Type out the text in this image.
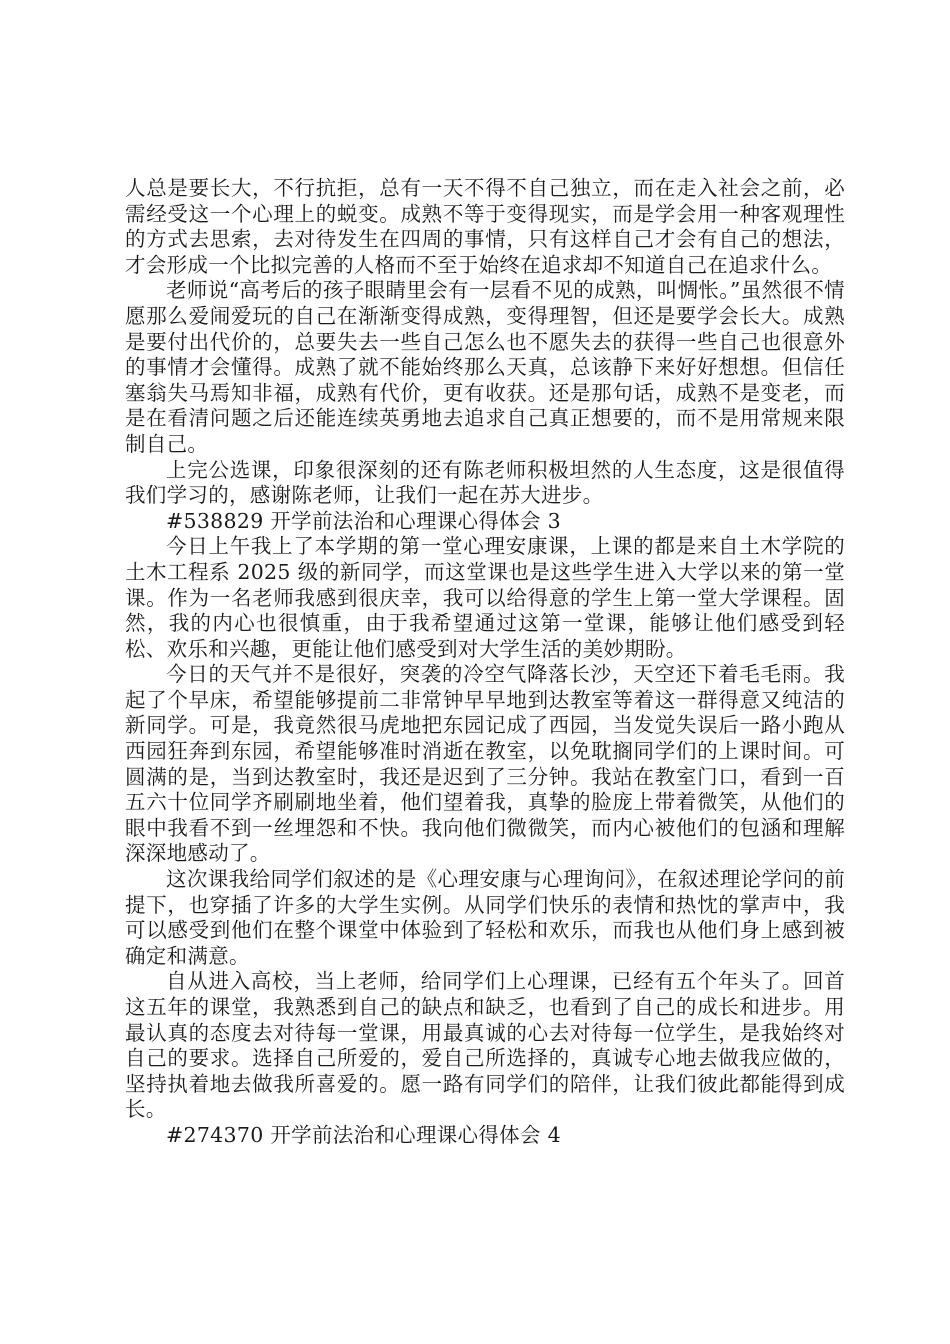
人总是要长大，不行抗拒，总有一天不得不自己独立，而在走入社会之前，必需经受这一个心理上的蜕变。成熟不等于变得现实，而是学会用一种客观理性的方式去思索，去对待发生在四周的事情，只有这样自己才会有自己的想法，才会形成一个比拟完善的人格而不至于始终在追求却不知道自己在追求什么。

老师说“高考后的孩子眼睛里会有一层看不见的成熟，叫惆怅。”虽然很不情愿那么爱闹爱玩的自己在渐渐变得成熟，变得理智，但还是要学会长大。成熟是要付出代价的，总要失去一些自己怎么也不愿失去的获得一些自己也很意外的事情才会懂得。成熟了就不能始终那么天真，总该静下来好好想想。但信任塞翁失马焉知非福，成熟有代价，更有收获。还是那句话，成熟不是变老，而是在看清问题之后还能连续英勇地去追求自己真正想要的，而不是用常规来限制自己。

上完公选课，印象很深刻的还有陈老师积极坦然的人生态度，这是很值得我们学习的，感谢陈老师，让我们一起在苏大进步。

#538829 开学前法治和心理课心得体会 3

今日上午我上了本学期的第一堂心理安康课，上课的都是来自土木学院的土木工程系 2025 级的新同学，而这堂课也是这些学生进入大学以来的第一堂课。作为一名老师我感到很庆幸，我可以给得意的学生上第一堂大学课程。固然，我的内心也很慎重，由于我希望通过这第一堂课，能够让他们感受到轻松、欢乐和兴趣，更能让他们感受到对大学生活的美妙期盼。

今日的天气并不是很好，突袭的冷空气降落长沙，天空还下着毛毛雨。我起了个早床，希望能够提前二非常钟早早地到达教室等着这一群得意又纯洁的新同学。可是，我竟然很马虎地把东园记成了西园，当发觉失误后一路小跑从西园狂奔到东园，希望能够准时消逝在教室，以免耽搁同学们的上课时间。可圆满的是，当到达教室时，我还是迟到了三分钟。我站在教室门口，看到一百五六十位同学齐刷刷地坐着，他们望着我，真挚的脸庞上带着微笑，从他们的眼中我看不到一丝埋怨和不快。我向他们微微笑，而内心被他们的包涵和理解深深地感动了。

这次课我给同学们叙述的是《心理安康与心理询问》，在叙述理论学问的前提下，也穿插了许多的大学生实例。从同学们快乐的表情和热忱的掌声中，我可以感受到他们在整个课堂中体验到了轻松和欢乐，而我也从他们身上感到被确定和满意。

自从进入高校，当上老师，给同学们上心理课，已经有五个年头了。回首这五年的课堂，我熟悉到自己的缺点和缺乏，也看到了自己的成长和进步。用最认真的态度去对待每一堂课，用最真诚的心去对待每一位学生，是我始终对自己的要求。选择自己所爱的，爱自己所选择的，真诚专心地去做我应做的，坚持执着地去做我所喜爱的。愿一路有同学们的陪伴，让我们彼此都能得到成长。

#274370 开学前法治和心理课心得体会 4
